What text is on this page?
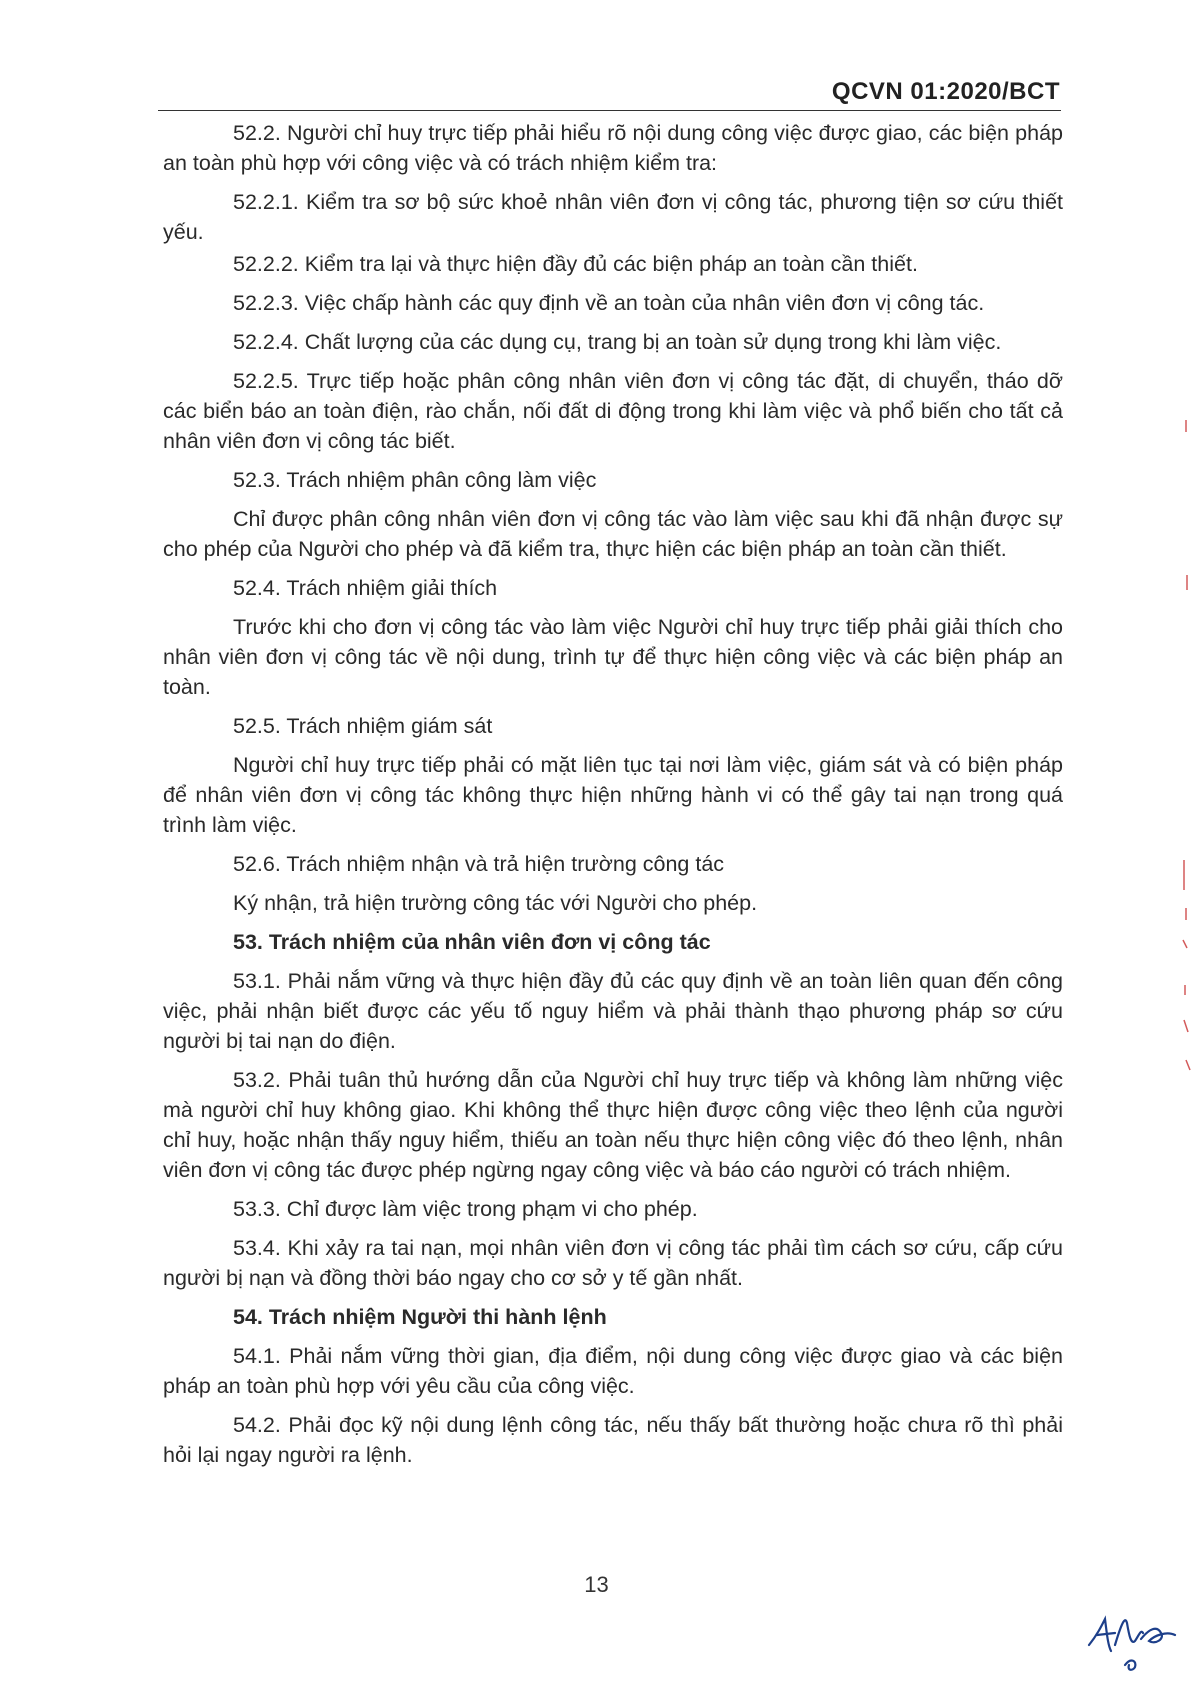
QCVN 01:2020/BCT

52.2. Người chỉ huy trực tiếp phải hiểu rõ nội dung công việc được giao, các biện pháp an toàn phù hợp với công việc và có trách nhiệm kiểm tra:

52.2.1. Kiểm tra sơ bộ sức khoẻ nhân viên đơn vị công tác, phương tiện sơ cứu thiết yếu.

52.2.2. Kiểm tra lại và thực hiện đầy đủ các biện pháp an toàn cần thiết.

52.2.3. Việc chấp hành các quy định về an toàn của nhân viên đơn vị công tác.

52.2.4. Chất lượng của các dụng cụ, trang bị an toàn sử dụng trong khi làm việc.

52.2.5. Trực tiếp hoặc phân công nhân viên đơn vị công tác đặt, di chuyển, tháo dỡ các biển báo an toàn điện, rào chắn, nối đất di động trong khi làm việc và phổ biến cho tất cả nhân viên đơn vị công tác biết.

52.3. Trách nhiệm phân công làm việc

Chỉ được phân công nhân viên đơn vị công tác vào làm việc sau khi đã nhận được sự cho phép của Người cho phép và đã kiểm tra, thực hiện các biện pháp an toàn cần thiết.

52.4. Trách nhiệm giải thích

Trước khi cho đơn vị công tác vào làm việc Người chỉ huy trực tiếp phải giải thích cho nhân viên đơn vị công tác về nội dung, trình tự để thực hiện công việc và các biện pháp an toàn.

52.5. Trách nhiệm giám sát

Người chỉ huy trực tiếp phải có mặt liên tục tại nơi làm việc, giám sát và có biện pháp để nhân viên đơn vị công tác không thực hiện những hành vi có thể gây tai nạn trong quá trình làm việc.

52.6. Trách nhiệm nhận và trả hiện trường công tác

Ký nhận, trả hiện trường công tác với Người cho phép.

53. Trách nhiệm của nhân viên đơn vị công tác

53.1. Phải nắm vững và thực hiện đầy đủ các quy định về an toàn liên quan đến công việc, phải nhận biết được các yếu tố nguy hiểm và phải thành thạo phương pháp sơ cứu người bị tai nạn do điện.

53.2. Phải tuân thủ hướng dẫn của Người chỉ huy trực tiếp và không làm những việc mà người chỉ huy không giao. Khi không thể thực hiện được công việc theo lệnh của người chỉ huy, hoặc nhận thấy nguy hiểm, thiếu an toàn nếu thực hiện công việc đó theo lệnh, nhân viên đơn vị công tác được phép ngừng ngay công việc và báo cáo người có trách nhiệm.

53.3. Chỉ được làm việc trong phạm vi cho phép.

53.4. Khi xảy ra tai nạn, mọi nhân viên đơn vị công tác phải tìm cách sơ cứu, cấp cứu người bị nạn và đồng thời báo ngay cho cơ sở y tế gần nhất.

54. Trách nhiệm Người thi hành lệnh

54.1. Phải nắm vững thời gian, địa điểm, nội dung công việc được giao và các biện pháp an toàn phù hợp với yêu cầu của công việc.

54.2. Phải đọc kỹ nội dung lệnh công tác, nếu thấy bất thường hoặc chưa rõ thì phải hỏi lại ngay người ra lệnh.

13
